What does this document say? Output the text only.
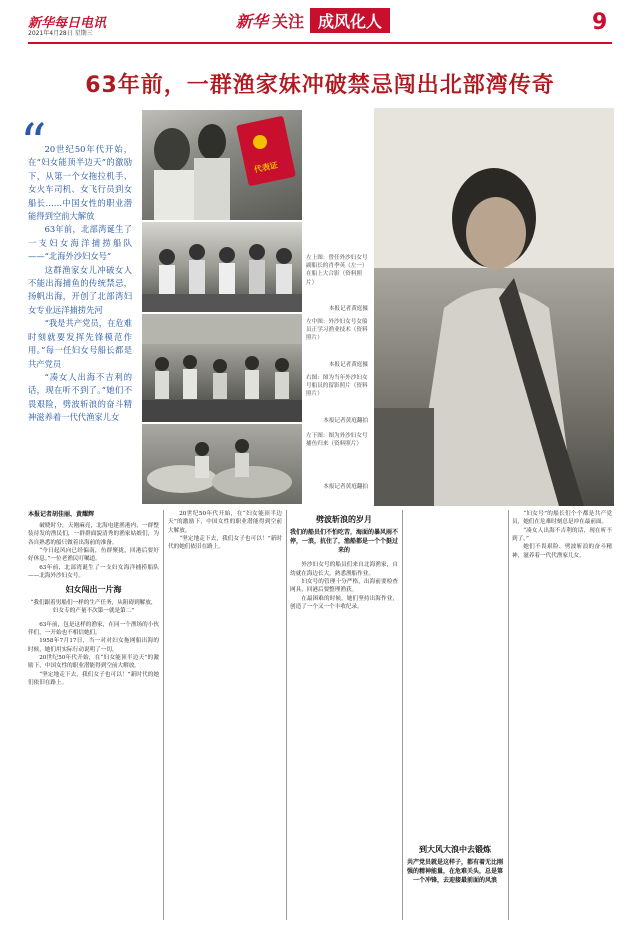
新华每日电讯
2021年4月28日 星期三
新华 关注 成风化人	9
63年前，一群渔家妹冲破禁忌闯出北部湾传奇
“

20世纪50年代开始，在“妇女能顶半边天”的激励下，从第一个女拖拉机手、女火车司机、女飞行员到女船长……中国女性的职业潜能得到空前大解放

63年前，北部湾诞生了一支妇女海洋捕捞船队——“北海外沙妇女号”

这群渔家女儿冲破女人不能出海捕鱼的传统禁忌，扬帆出海，开创了北部湾妇女专业远洋捕捞先河

“我是共产党员，在危难时刻就要发挥先锋模范作用。”每一任妇女号船长都是共产党员

“凑女人出海不吉利的话，现在听不到了。”她们不畏艰险，劈波斩浪的奋斗精神滋养着一代代渔家儿女

代表证
左上图：曾任外沙妇女号副船长的肖季英（左一）在船上大合影（资料照片）
本报记者黄庭摄
左中图：外沙妇女号女船员正学习渔业技术（资料照片）
本报记者黄庭摄
右图：图为当年外沙妇女号船员的留影照片（资料照片）
本报记者黄庭翻拍
左下图：图为外沙妇女号捕鱼归来（资料照片）
本报记者黄庭翻拍
本报记者胡佳丽、黄耀辉

破晓时分，天刚麻亮，北海电建渔港内，一群整装待发的渔民们，一群群面貌清秀的渔家姑娘们，为各自熟悉的船只做着出海前的准备。

“今日起风向已经偏南，鱼群聚拢，回港后要好好休息。”一位老渔民叮嘱道。

63年前，北部湾诞生了一支妇女海洋捕捞船队——北海外沙妇女号。

妇女闯出一片海
“我们跟着男船们一样的生产任务，从阻碍到解放，妇女专的产量不次第一就是第二”

63年前，包是这样的渔家，在同一个渔场的小伙伴们，一开始也不相信她们。

1958年7月17日，当一对对妇女拖网船出海的时候，她们用实际行动说明了一切。

20世纪50年代开始，在“妇女能顶半边天”的激励下，中国女性的职业潜能得到空前大解放。

“坚定地走下去，我们女子也可以！”新时代的她们依旧在路上。

20世纪50年代开始，在“妇女能顶半边天”的激励下，中国女性的职业潜能得到空前大解放。

“坚定地走下去，我们女子也可以！”新时代的她们依旧在路上。

劈波斩浪的岁月
我们的船员们不怕吃苦，海面的暴风雨不停，一浪，抗住了，渔船都是一个个挺过来的

外沙妇女号的船员们来自北海渔家，自幼就在海边长大，熟悉渔船作业。

妇女号的管理十分严格，出海前要检查网具，回港后要整理渔获。

在最困难的时候，她们坚持出海作业，创造了一个又一个丰收纪录。

到大风大浪中去锻炼
共产党员就是这样子，都有着无比刚强的精神能量，在危难关头，总是第一个冲锋，去迎接最前面的风浪

“妇女号”的船长们个个都是共产党员，她们在危难时刻总是冲在最前面。

“凑女人出海不吉利的话，现在听不到了。”

她们不畏艰险、劈波斩浪的奋斗精神，滋养着一代代渔家儿女。
